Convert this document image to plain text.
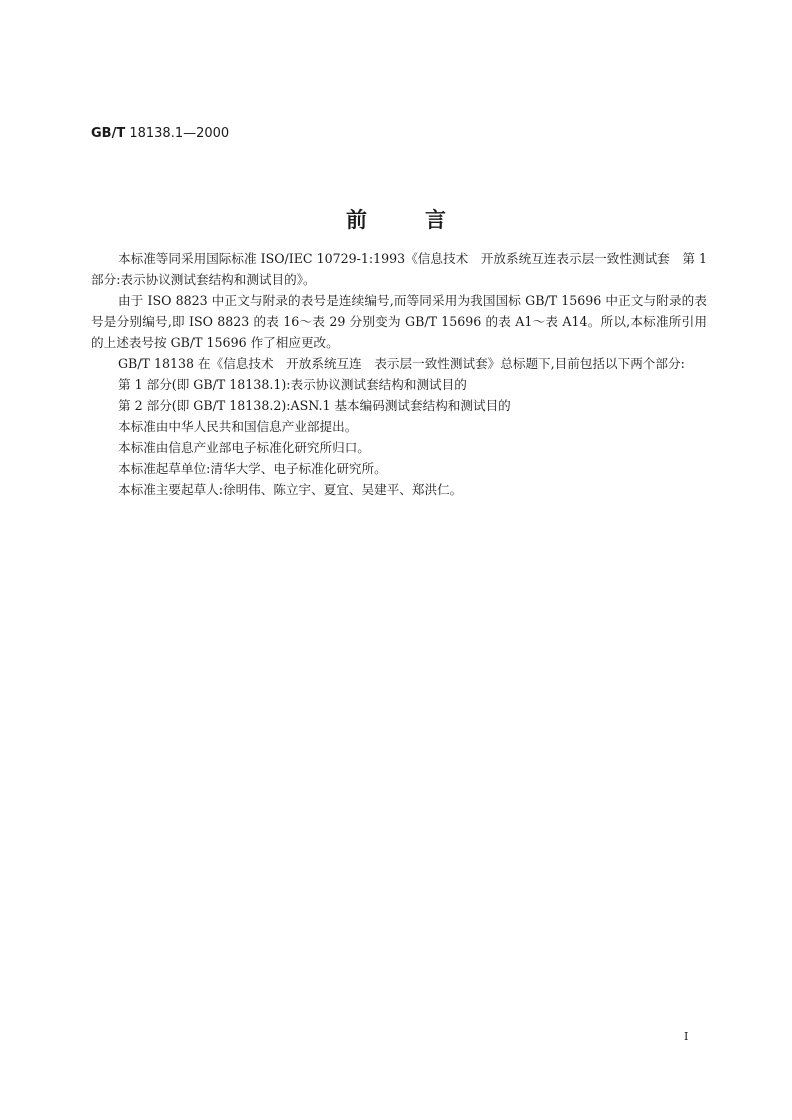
GB/T 18138.1—2000
前言

本标准等同采用国际标准 ISO/IEC 10729-1:1993《信息技术　开放系统互连表示层一致性测试套　第 1 部分:表示协议测试套结构和测试目的》。

由于 ISO 8823 中正文与附录的表号是连续编号,而等同采用为我国国标 GB/T 15696 中正文与附录的表号是分别编号,即 ISO 8823 的表 16～表 29 分别变为 GB/T 15696 的表 A1～表 A14。所以,本标准所引用的上述表号按 GB/T 15696 作了相应更改。

GB/T 18138 在《信息技术　开放系统互连　表示层一致性测试套》总标题下,目前包括以下两个部分:

第 1 部分(即 GB/T 18138.1):表示协议测试套结构和测试目的

第 2 部分(即 GB/T 18138.2):ASN.1 基本编码测试套结构和测试目的

本标准由中华人民共和国信息产业部提出。

本标准由信息产业部电子标准化研究所归口。

本标准起草单位:清华大学、电子标准化研究所。

本标准主要起草人:徐明伟、陈立宇、夏宜、吴建平、郑洪仁。

I
